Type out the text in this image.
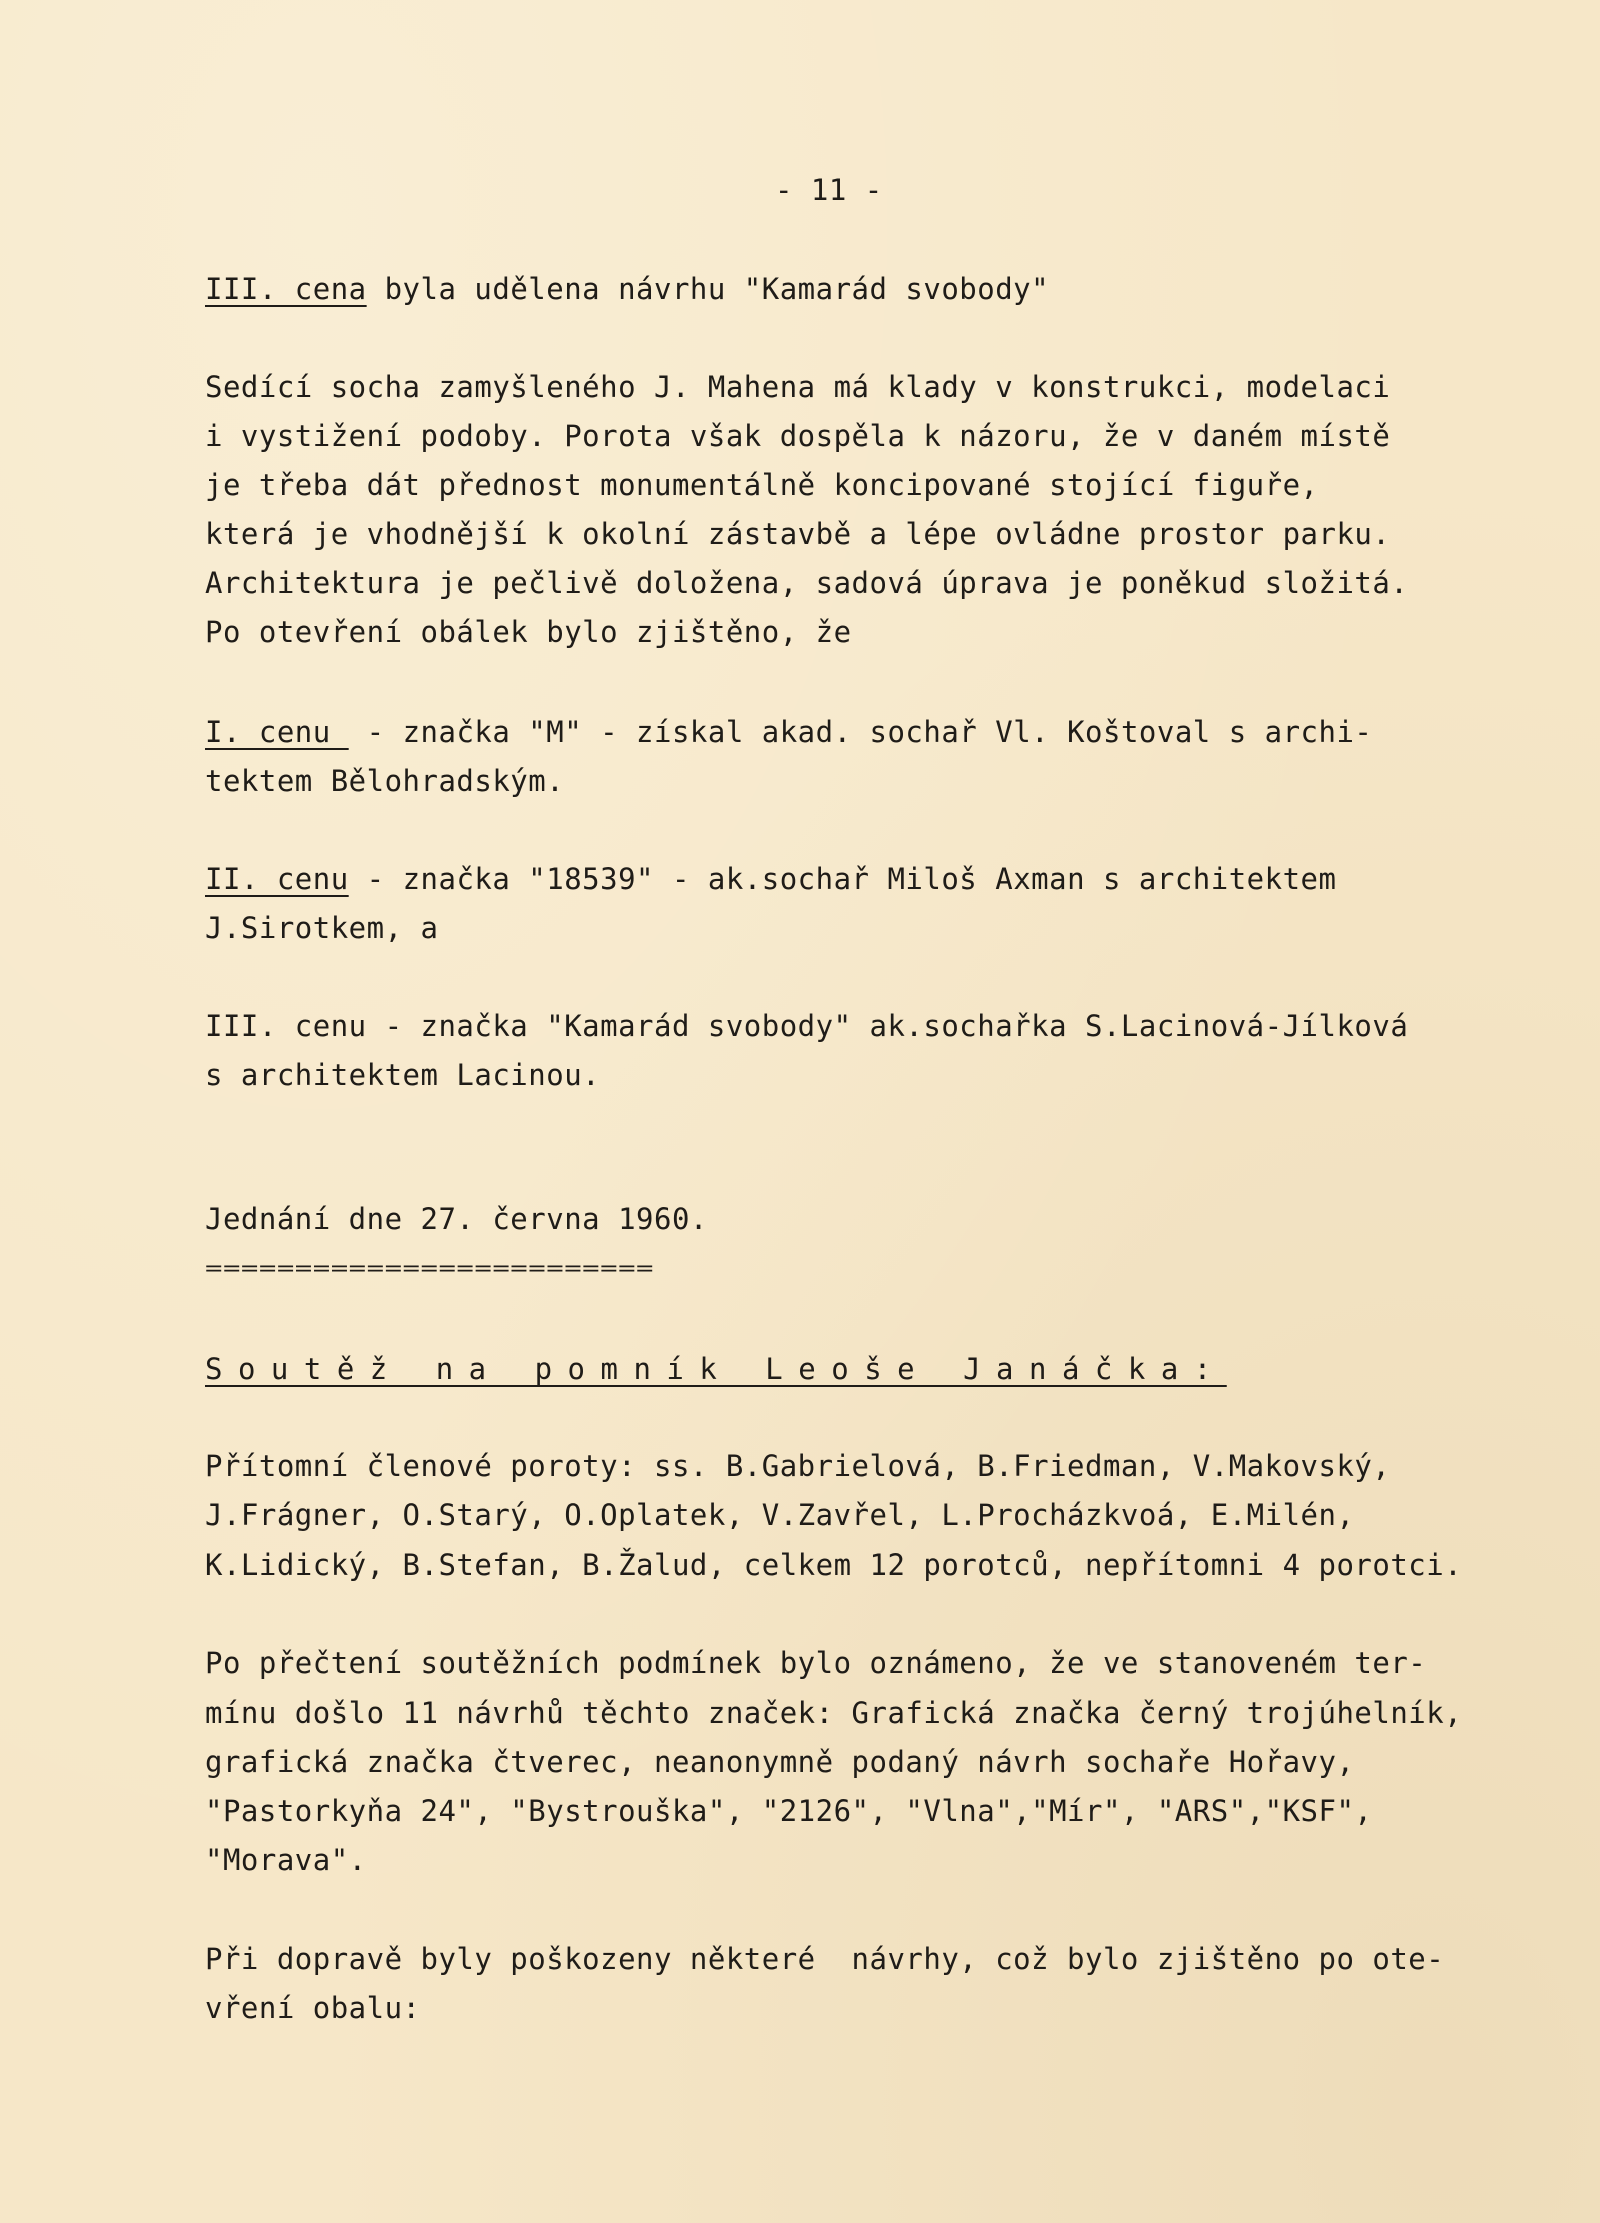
- 11 -
III. cena byla udělena návrhu "Kamarád svobody"
Sedící socha zamyšleného J. Mahena má klady v konstrukci, modelaci
i vystižení podoby. Porota však dospěla k názoru, že v daném místě
je třeba dát přednost monumentálně koncipované stojící figuře,
která je vhodnější k okolní zástavbě a lépe ovládne prostor parku.
Architektura je pečlivě doložena, sadová úprava je poněkud složitá.
Po otevření obálek bylo zjištěno, že
I. cenu  - značka "M" - získal akad. sochař Vl. Koštoval s archi-
tektem Bělohradským.
II. cenu - značka "18539" - ak.sochař Miloš Axman s architektem
J.Sirotkem, a
III. cenu - značka "Kamarád svobody" ak.sochařka S.Lacinová-Jílková
s architektem Lacinou.
Jednání dne 27. června 1960.
=========================
Soutěž na pomník Leoše Janáčka:
Přítomní členové poroty: ss. B.Gabrielová, B.Friedman, V.Makovský,
J.Frágner, O.Starý, O.Oplatek, V.Zavřel, L.Procházkvoá, E.Milén,
K.Lidický, B.Stefan, B.Žalud, celkem 12 porotců, nepřítomni 4 porotci.
Po přečtení soutěžních podmínek bylo oznámeno, že ve stanoveném ter-
mínu došlo 11 návrhů těchto značek: Grafická značka černý trojúhelník,
grafická značka čtverec, neanonymně podaný návrh sochaře Hořavy,
"Pastorkyňa 24", "Bystrouška", "2126", "Vlna","Mír", "ARS","KSF",
"Morava".
Při dopravě byly poškozeny některé  návrhy, což bylo zjištěno po ote-
vření obalu:
